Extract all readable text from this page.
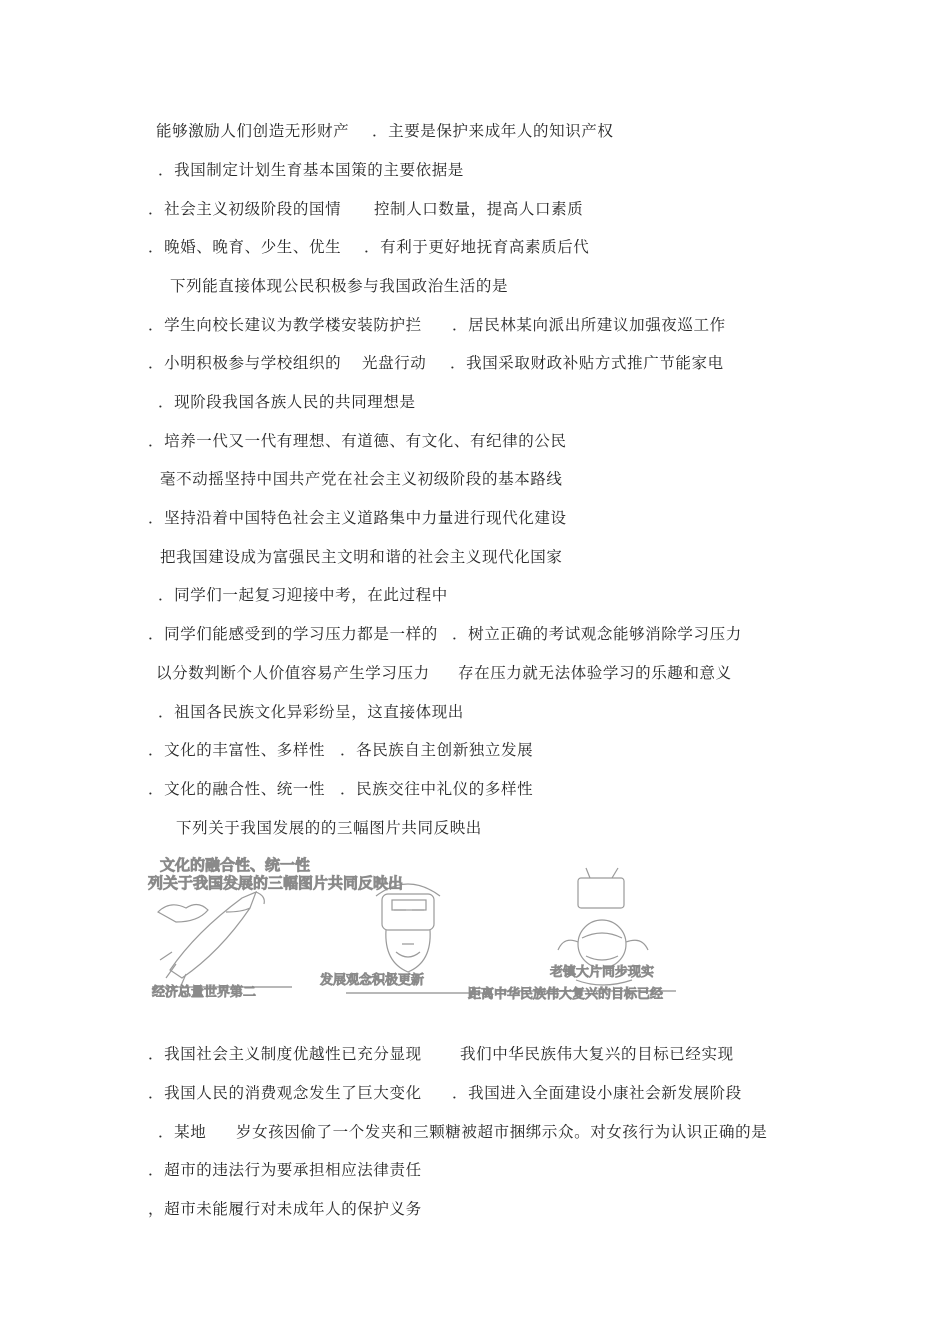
能够激励人们创造无形财产 ．主要是保护来成年人的知识产权
．我国制定计划生育基本国策的主要依据是
．社会主义初级阶段的国情 控制人口数量，提高人口素质
．晚婚、晚育、少生、优生 ．有利于更好地抚育高素质后代
下列能直接体现公民积极参与我国政治生活的是
．学生向校长建议为教学楼安装防护拦 ．居民林某向派出所建议加强夜巡工作
．小明积极参与学校组织的 光盘行动 ．我国采取财政补贴方式推广节能家电
．现阶段我国各族人民的共同理想是
．培养一代又一代有理想、有道德、有文化、有纪律的公民
毫不动摇坚持中国共产党在社会主义初级阶段的基本路线
．坚持沿着中国特色社会主义道路集中力量进行现代化建设
把我国建设成为富强民主文明和谐的社会主义现代化国家
．同学们一起复习迎接中考，在此过程中
．同学们能感受到的学习压力都是一样的 ．树立正确的考试观念能够消除学习压力
以分数判断个人价值容易产生学习压力 存在压力就无法体验学习的乐趣和意义
．祖国各民族文化异彩纷呈，这直接体现出
．文化的丰富性、多样性 ．各民族自主创新独立发展
．文化的融合性、统一性 ．民族交往中礼仪的多样性
下列关于我国发展的的三幅图片共同反映出
文化的融合性、统一性
列关于我国发展的三幅图片共同反映出
经济总量世界第二
发展观念积极更新
老镇大片同步现实
距离中华民族伟大复兴的目标已经
．我国社会主义制度优越性已充分显现 我们中华民族伟大复兴的目标已经实现
．我国人民的消费观念发生了巨大变化 ．我国进入全面建设小康社会新发展阶段
．某地 岁女孩因偷了一个发夹和三颗糖被超市捆绑示众。对女孩行为认识正确的是
．超市的违法行为要承担相应法律责任
，超市未能履行对未成年人的保护义务
